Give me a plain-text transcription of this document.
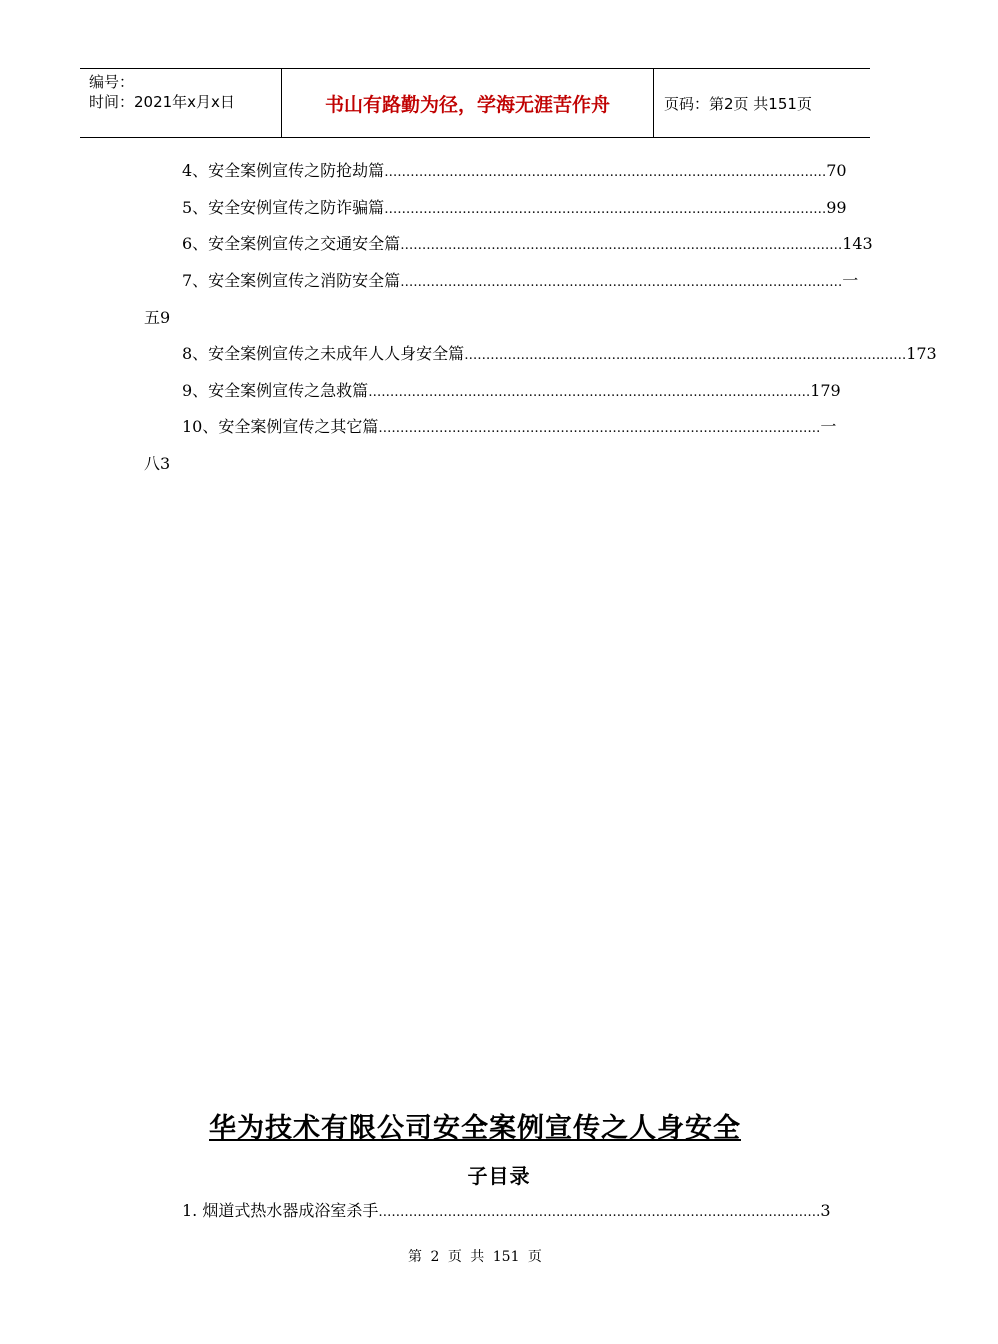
编号：
时间：2021年x月x日	书山有路勤为径，学海无涯苦作舟	页码：第2页 共151页
4、安全案例宣传之防抢劫篇 ………………………………………………………………………………………… 70
5、安全安例宣传之防诈骗篇 ………………………………………………………………………………………… 99
6、安全案例宣传之交通安全篇 ………………………………………………………………………………………… 143
7、安全案例宣传之消防安全篇 ………………………………………………………………………………………… 一
五9
8、安全案例宣传之未成年人人身安全篇 ………………………………………………………………………………………… 173
9、安全案例宣传之急救篇 ………………………………………………………………………………………… 179
10、安全案例宣传之其它篇 ………………………………………………………………………………………… 一
八3
华为技术有限公司安全案例宣传之人身安全
子目录
1. 烟道式热水器成浴室杀手 ………………………………………………………………………………………… 3
第 2 页 共 151 页
